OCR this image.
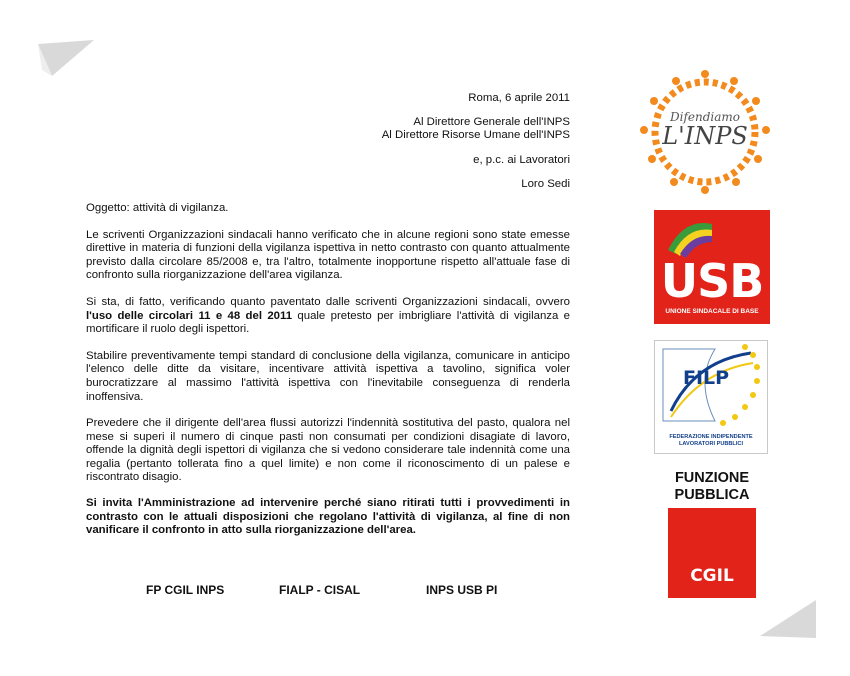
Roma, 6 aprile 2011

Al Direttore Generale dell'INPS

Al Direttore Risorse Umane dell'INPS

e, p.c. ai Lavoratori

Loro Sedi

Oggetto: attività di vigilanza.

Le scriventi Organizzazioni sindacali hanno verificato che in alcune regioni sono state emesse direttive in materia di funzioni della vigilanza ispettiva in netto contrasto con quanto attualmente previsto dalla circolare 85/2008 e, tra l'altro, totalmente inopportune rispetto all'attuale fase di confronto sulla riorganizzazione dell'area vigilanza.

Si sta, di fatto, verificando quanto paventato dalle scriventi Organizzazioni sindacali, ovvero l'uso delle circolari 11 e 48 del 2011 quale pretesto per imbrigliare l'attività di vigilanza e mortificare il ruolo degli ispettori.

Stabilire preventivamente tempi standard di conclusione della vigilanza, comunicare in anticipo l'elenco delle ditte da visitare, incentivare attività ispettiva a tavolino, significa voler burocratizzare al massimo l'attività ispettiva con l'inevitabile conseguenza di renderla inoffensiva.

Prevedere che il dirigente dell'area flussi autorizzi l'indennità sostitutiva del pasto, qualora nel mese si superi il numero di cinque pasti non consumati per condizioni disagiate di lavoro, offende la dignità degli ispettori di vigilanza che si vedono considerare tale indennità come una regalia (pertanto tollerata fino a quel limite) e non come il riconoscimento di un palese e riscontrato disagio.

Si invita l'Amministrazione ad intervenire perché siano ritirati tutti i provvedimenti in contrasto con le attuali disposizioni che regolano l'attività di vigilanza, al fine di non vanificare il confronto in atto sulla riorganizzazione dell'area.

FP CGIL INPS	FIALP - CISAL	INPS USB PI
Difendiamo
L'INPS
USB
UNIONE SINDACALE DI BASE
FILP
FEDERAZIONE INDIPENDENTE
LAVORATORI PUBBLICI
FUNZIONE
PUBBLICA
CGIL
